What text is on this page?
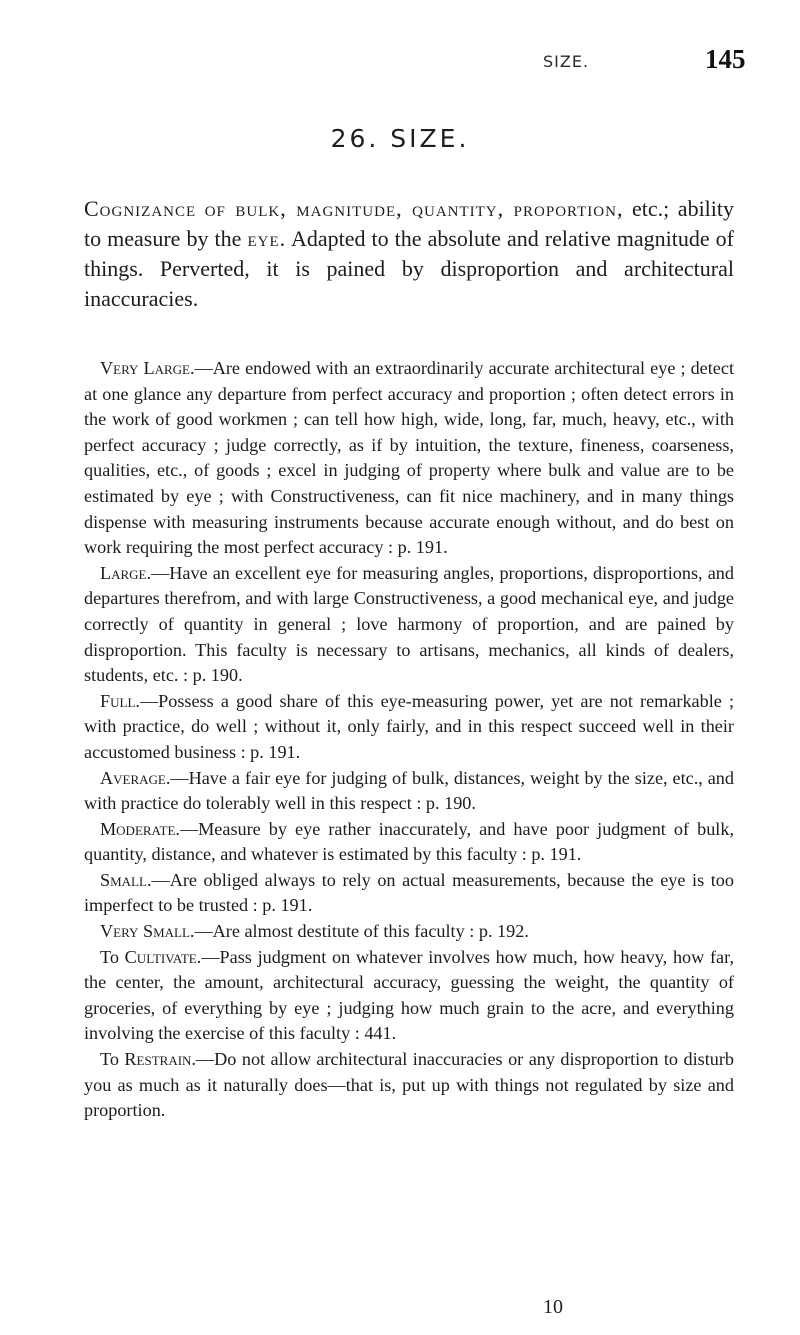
SIZE.	145
26. SIZE.

Cognizance of bulk, magnitude, quantity, proportion, etc.; ability to measure by the eye. Adapted to the absolute and relative magnitude of things. Perverted, it is pained by disproportion and architectural inaccuracies.

Very Large.—Are endowed with an extraordinarily accurate architectural eye ; detect at one glance any departure from perfect accuracy and proportion ; often detect errors in the work of good workmen ; can tell how high, wide, long, far, much, heavy, etc., with perfect accuracy ; judge correctly, as if by intuition, the texture, fineness, coarseness, qualities, etc., of goods ; excel in judging of property where bulk and value are to be estimated by eye ; with Constructiveness, can fit nice machinery, and in many things dispense with measuring instruments because accurate enough without, and do best on work requiring the most perfect accuracy : p. 191.

Large.—Have an excellent eye for measuring angles, proportions, disproportions, and departures therefrom, and with large Constructiveness, a good mechanical eye, and judge correctly of quantity in general ; love harmony of proportion, and are pained by disproportion. This faculty is necessary to artisans, mechanics, all kinds of dealers, students, etc. : p. 190.

Full.—Possess a good share of this eye-measuring power, yet are not remarkable ; with practice, do well ; without it, only fairly, and in this respect succeed well in their accustomed business : p. 191.

Average.—Have a fair eye for judging of bulk, distances, weight by the size, etc., and with practice do tolerably well in this respect : p. 190.

Moderate.—Measure by eye rather inaccurately, and have poor judgment of bulk, quantity, distance, and whatever is estimated by this faculty : p. 191.

Small.—Are obliged always to rely on actual measurements, because the eye is too imperfect to be trusted : p. 191.

Very Small.—Are almost destitute of this faculty : p. 192.

To Cultivate.—Pass judgment on whatever involves how much, how heavy, how far, the center, the amount, architectural accuracy, guessing the weight, the quantity of groceries, of everything by eye ; judging how much grain to the acre, and everything involving the exercise of this faculty : 441.

To Restrain.—Do not allow architectural inaccuracies or any disproportion to disturb you as much as it naturally does—that is, put up with things not regulated by size and proportion.

10
